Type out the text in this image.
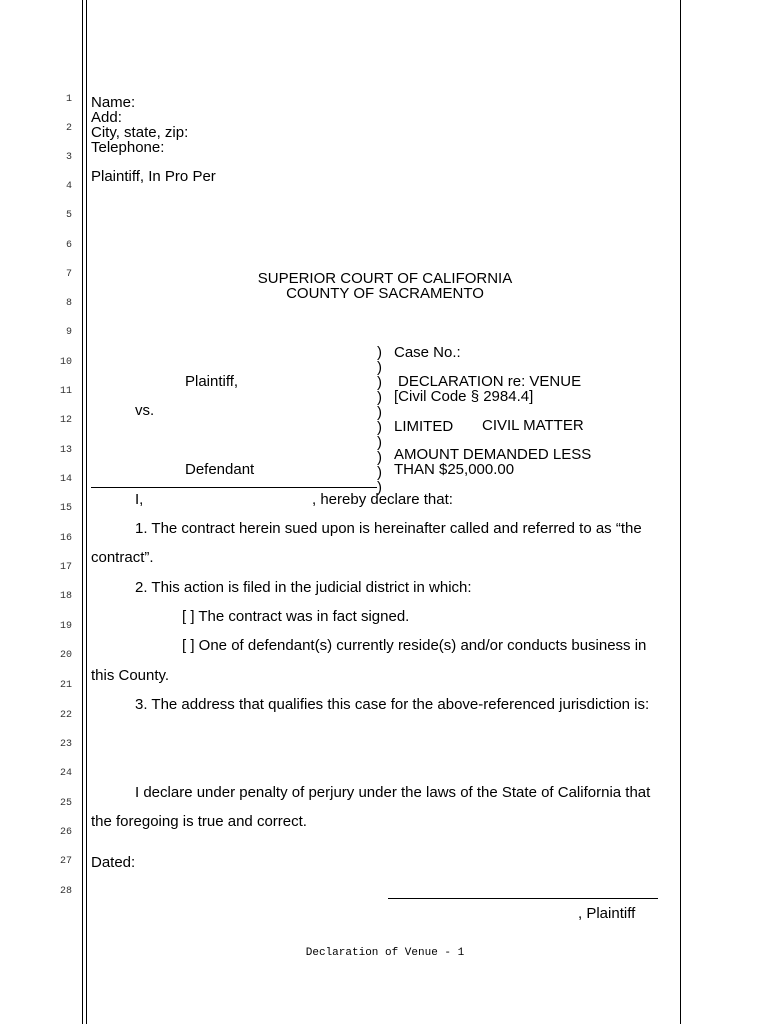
1
2
3
4
5
6
7
8
9
10
11
12
13
14
15
16
17
18
19
20
21
22
23
24
25
26
27
28
Name:
Add:
City, state, zip:
Telephone:
Plaintiff, In Pro Per
SUPERIOR COURT OF CALIFORNIA
COUNTY OF SACRAMENTO
Plaintiff,
vs.
Defendant
)
)
)
)
)
)
)
)
)
)
Case No.:
DECLARATION re: VENUE
[Civil Code § 2984.4]
LIMITED CIVIL MATTER
AMOUNT DEMANDED LESS
THAN $25,000.00
I,	, hereby declare that:
1. The contract herein sued upon is hereinafter called and referred to as “the
contract”.
2. This action is filed in the judicial district in which:
[ ] The contract was in fact signed.
[ ] One of defendant(s) currently reside(s) and/or conducts business in
this County.
3. The address that qualifies this case for the above-referenced jurisdiction is:
I declare under penalty of perjury under the laws of the State of California that
the foregoing is true and correct.
Dated:
, Plaintiff
Declaration of Venue - 1
